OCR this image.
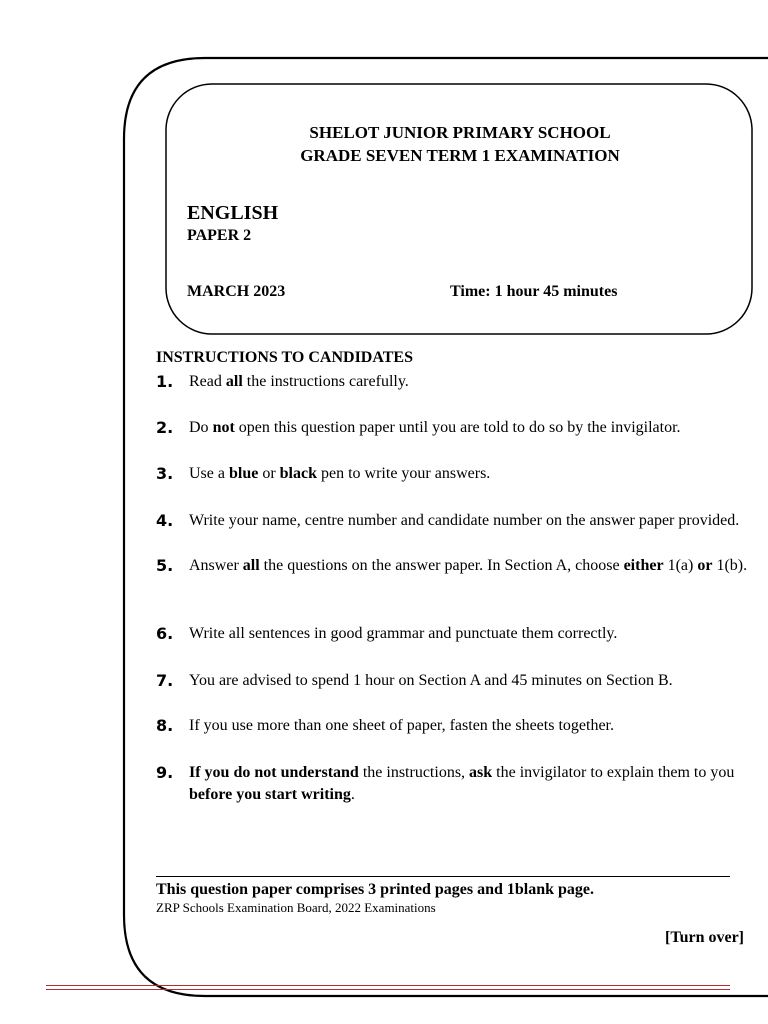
SHELOT JUNIOR PRIMARY SCHOOL
GRADE SEVEN TERM 1 EXAMINATION
ENGLISH
PAPER 2
MARCH 2023	Time: 1 hour 45 minutes
INSTRUCTIONS TO CANDIDATES
1. Read all the instructions carefully.
2. Do not open this question paper until you are told to do so by the invigilator.
3. Use a blue or black pen to write your answers.
4. Write your name, centre number and candidate number on the answer paper provided.
5. Answer all the questions on the answer paper. In Section A, choose either 1(a) or 1(b).
6. Write all sentences in good grammar and punctuate them correctly.
7. You are advised to spend 1 hour on Section A and 45 minutes on Section B.
8. If you use more than one sheet of paper, fasten the sheets together.
9. If you do not understand the instructions, ask the invigilator to explain them to you before you start writing.
This question paper comprises 3 printed pages and 1blank page.
ZRP Schools Examination Board, 2022 Examinations
[Turn over]
